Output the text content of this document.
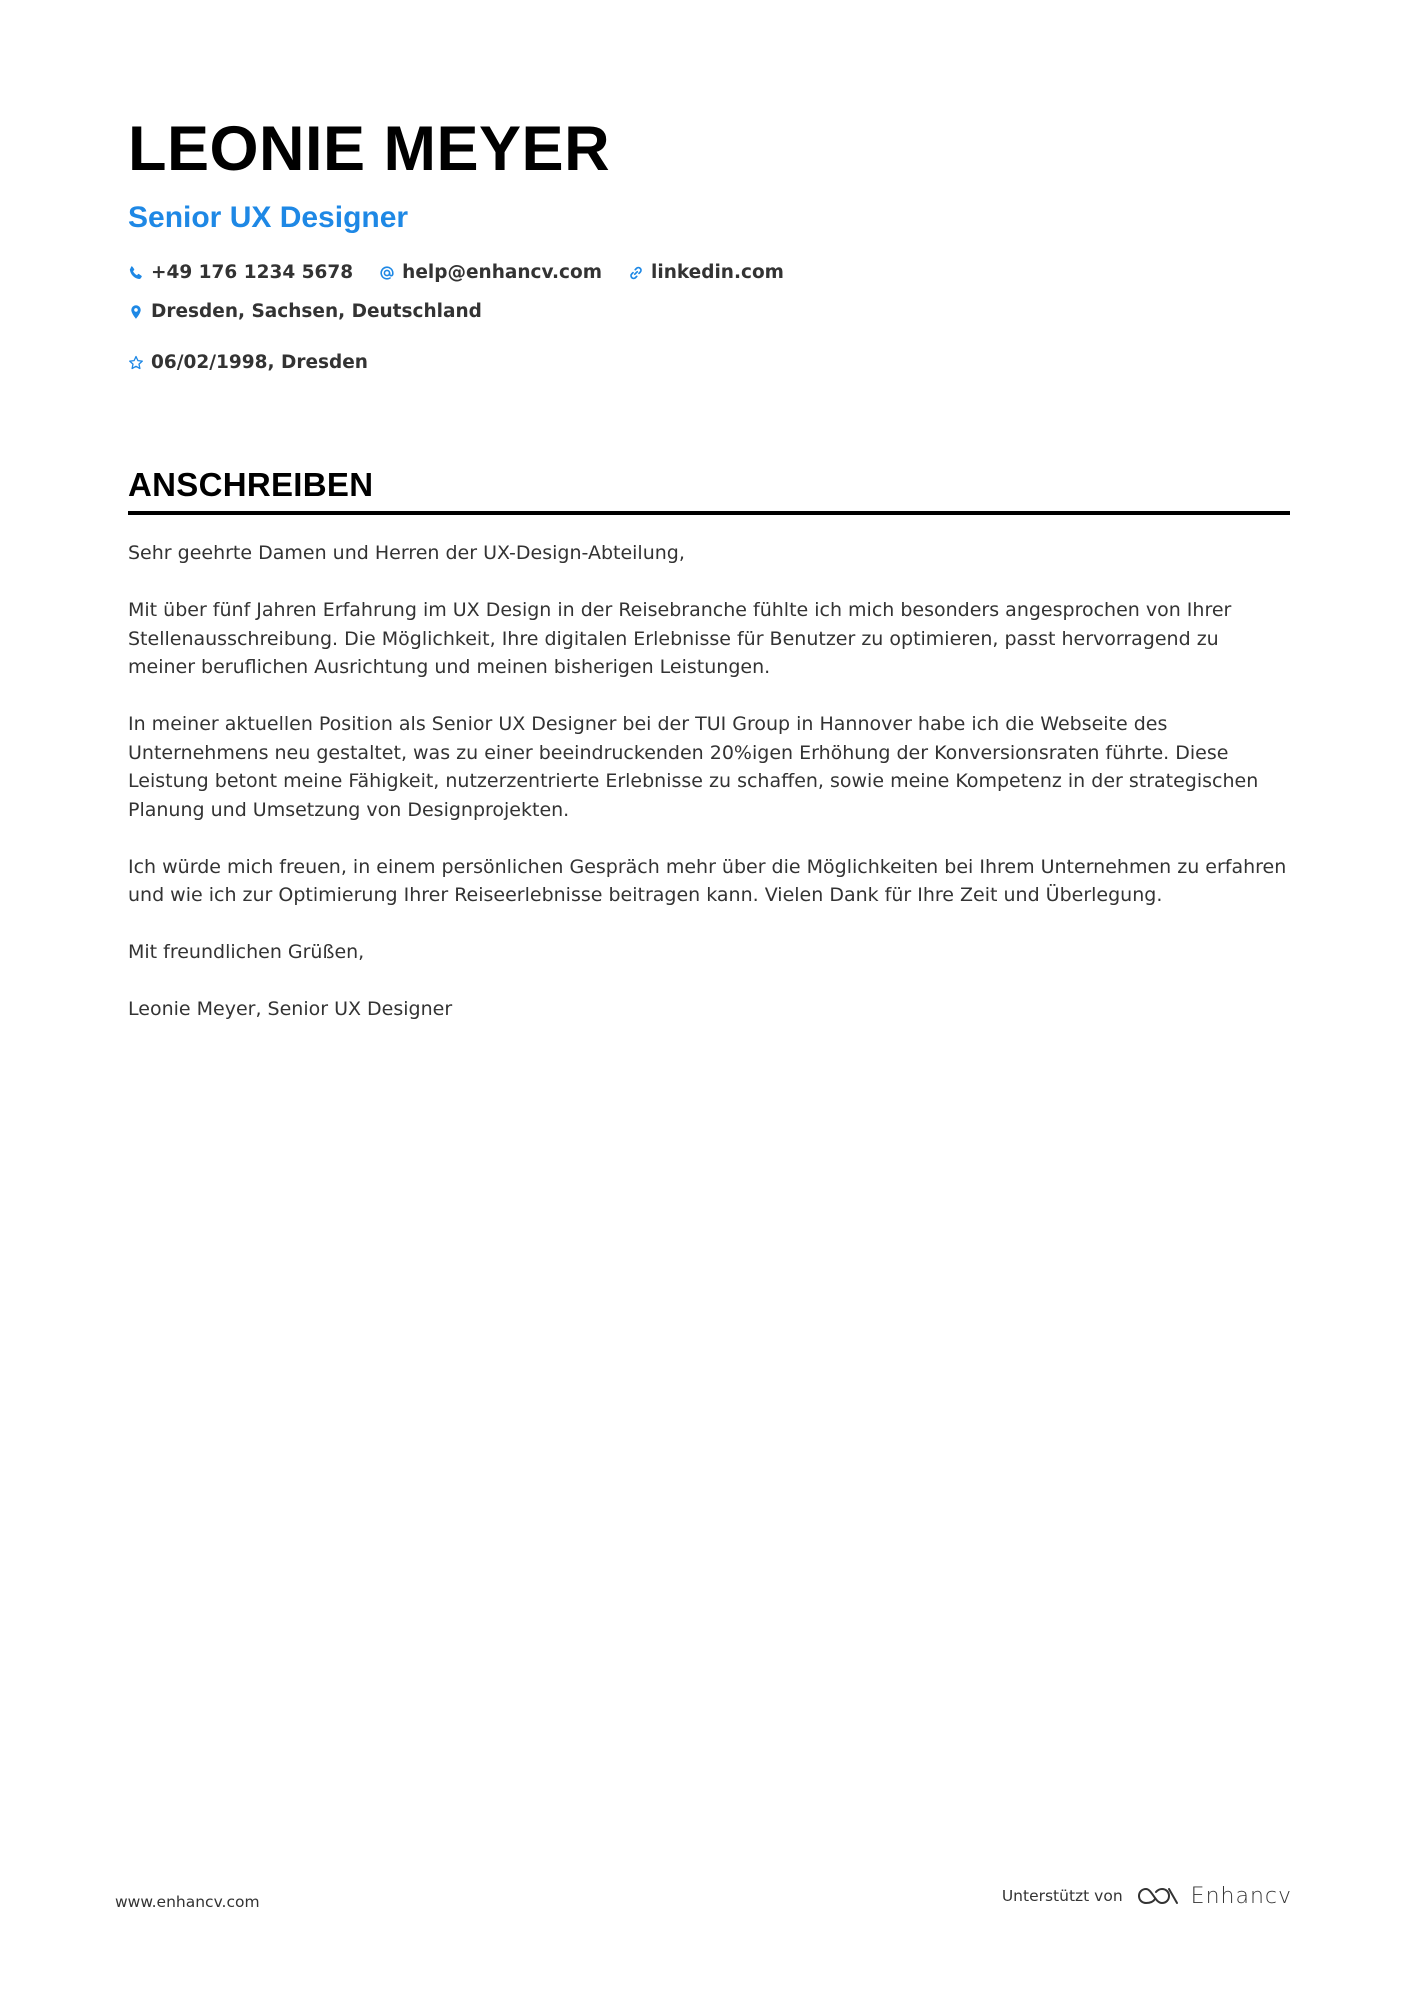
LEONIE MEYER
Senior UX Designer
+49 176 1234 5678	help@enhancv.com	linkedin.com
Dresden, Sachsen, Deutschland
06/02/1998, Dresden
ANSCHREIBEN

Sehr geehrte Damen und Herren der UX-Design-Abteilung,

Mit über fünf Jahren Erfahrung im UX Design in der Reisebranche fühlte ich mich besonders angesprochen von Ihrer Stellenausschreibung. Die Möglichkeit, Ihre digitalen Erlebnisse für Benutzer zu optimieren, passt hervorragend zu meiner beruflichen Ausrichtung und meinen bisherigen Leistungen.

In meiner aktuellen Position als Senior UX Designer bei der TUI Group in Hannover habe ich die Webseite des Unternehmens neu gestaltet, was zu einer beeindruckenden 20%igen Erhöhung der Konversionsraten führte. Diese Leistung betont meine Fähigkeit, nutzerzentrierte Erlebnisse zu schaffen, sowie meine Kompetenz in der strategischen Planung und Umsetzung von Designprojekten.

Ich würde mich freuen, in einem persönlichen Gespräch mehr über die Möglichkeiten bei Ihrem Unternehmen zu erfahren und wie ich zur Optimierung Ihrer Reiseerlebnisse beitragen kann. Vielen Dank für Ihre Zeit und Überlegung.

Mit freundlichen Grüßen,

Leonie Meyer, Senior UX Designer

www.enhancv.com	Unterstützt von	Enhancv
